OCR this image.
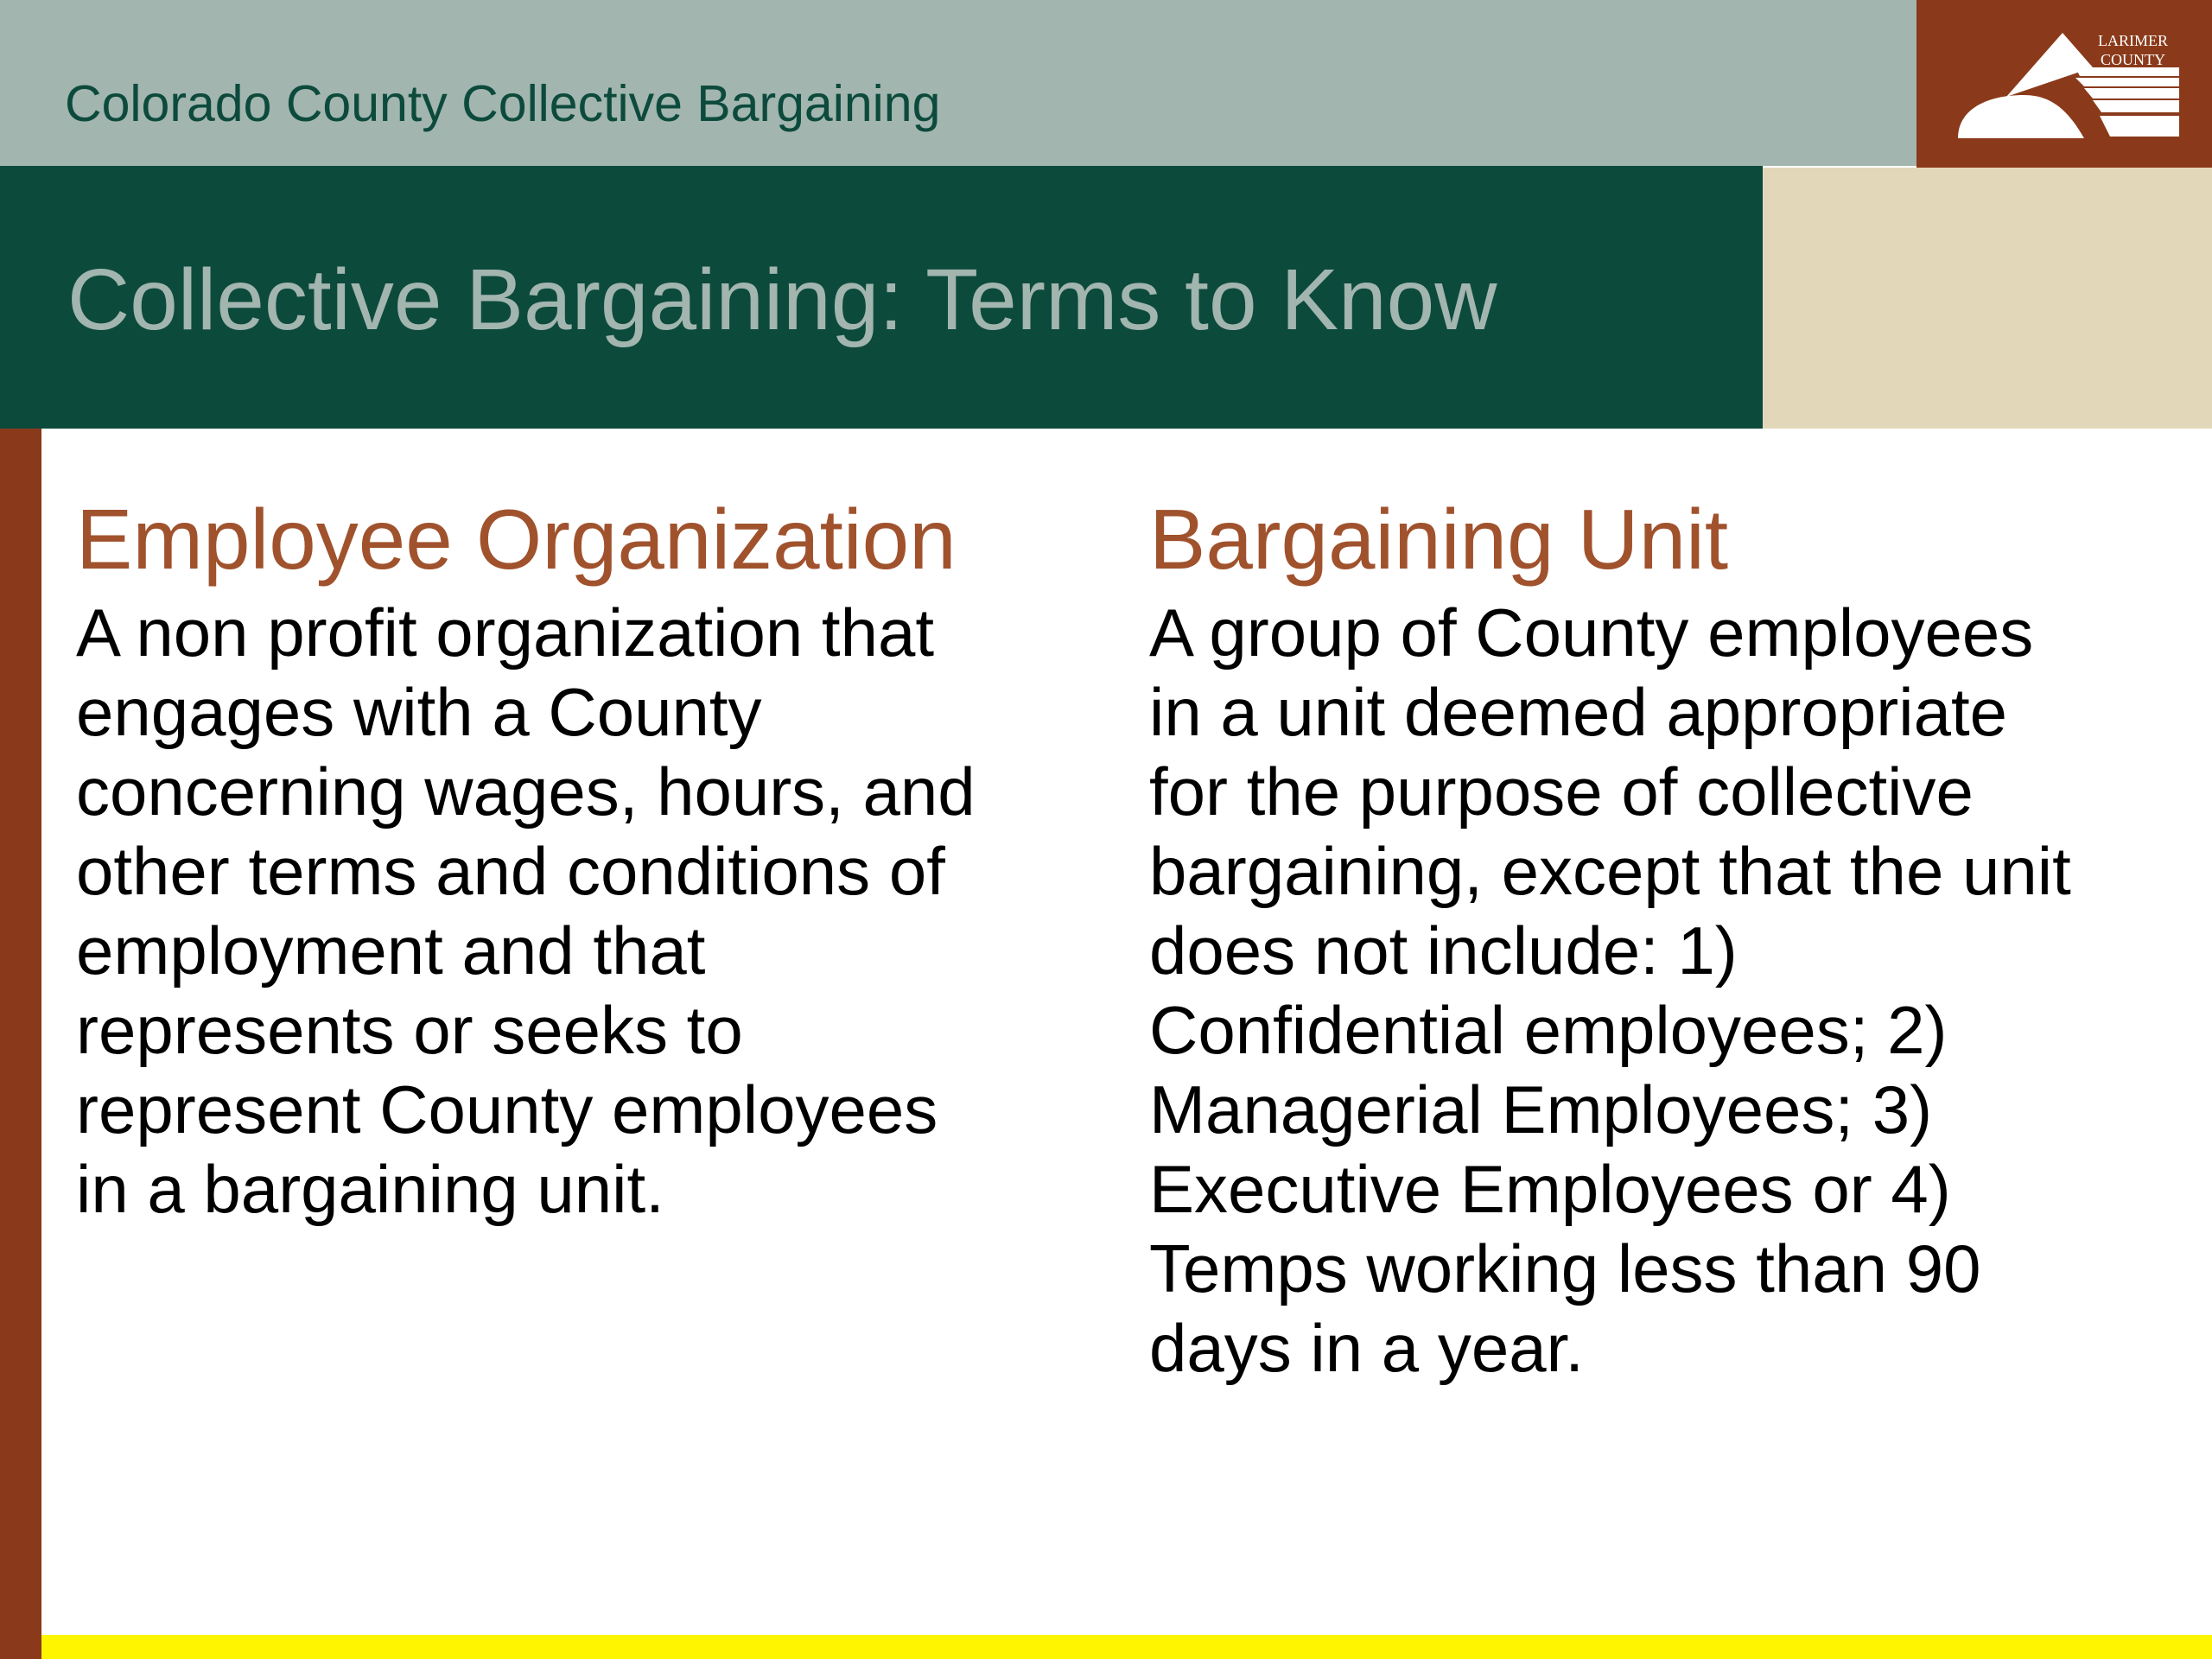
Colorado County Collective Bargaining
LARIMER
COUNTY
Collective Bargaining: Terms to Know
Employee Organization

A non profit organization that
engages with a County
concerning wages, hours, and
other terms and conditions of
employment and that
represents or seeks to
represent County employees
in a bargaining unit.

Bargaining Unit

A group of County employees
in a unit deemed appropriate
for the purpose of collective
bargaining, except that the unit
does not include: 1)
Confidential employees; 2)
Managerial Employees; 3)
Executive Employees or 4)
Temps working less than 90
days in a year.
